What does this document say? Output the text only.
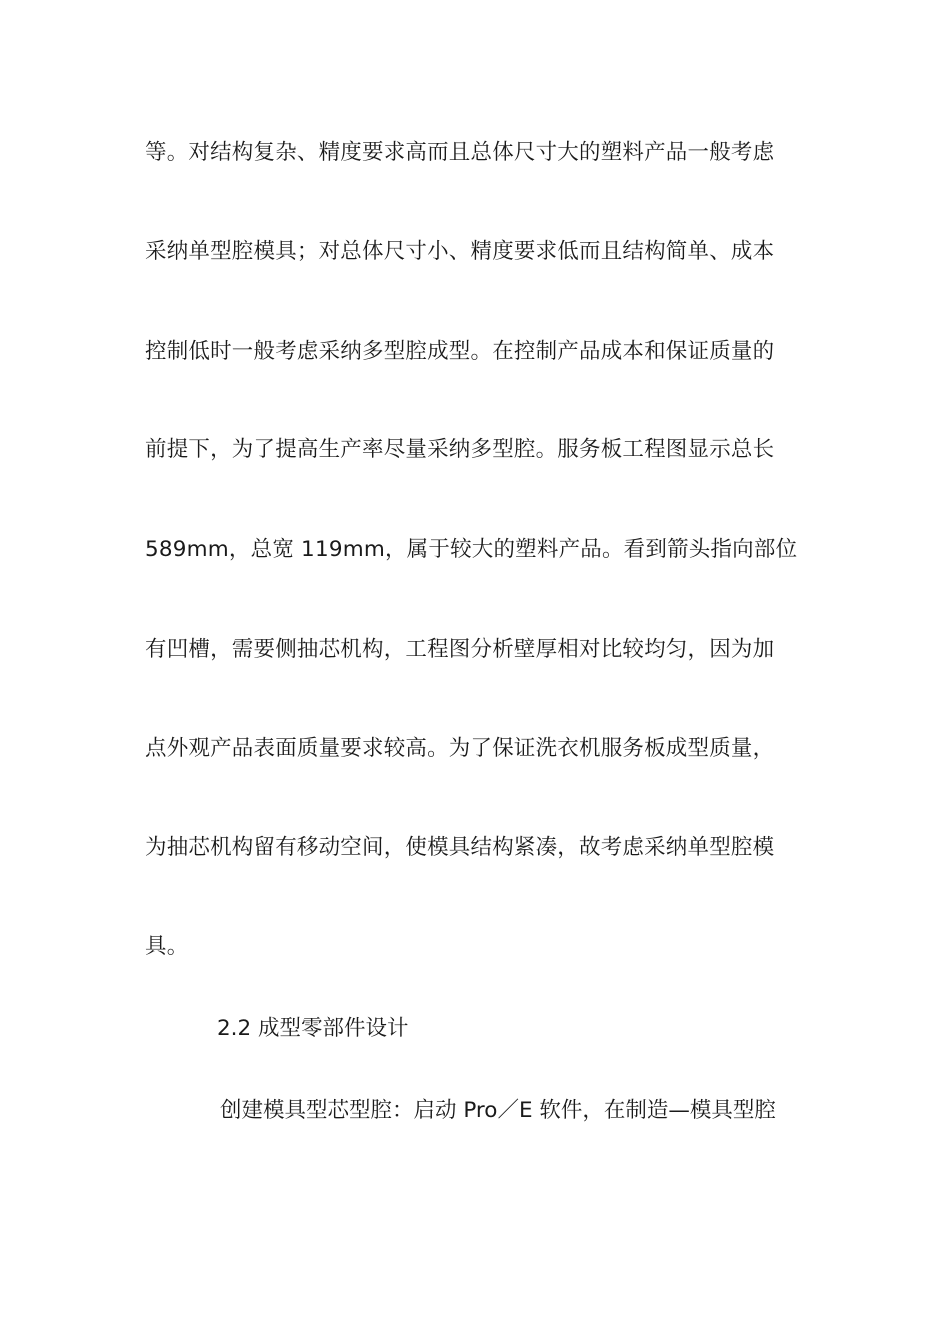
等。对结构复杂、精度要求高而且总体尺寸大的塑料产品一般考虑
采纳单型腔模具；对总体尺寸小、精度要求低而且结构简单、成本
控制低时一般考虑采纳多型腔成型。在控制产品成本和保证质量的
前提下，为了提高生产率尽量采纳多型腔。服务板工程图显示总长
589mm，总宽 119mm，属于较大的塑料产品。看到箭头指向部位
有凹槽，需要侧抽芯机构，工程图分析壁厚相对比较均匀，因为加
点外观产品表面质量要求较高。为了保证洗衣机服务板成型质量，
为抽芯机构留有移动空间，使模具结构紧凑，故考虑采纳单型腔模
具。
2.2 成型零部件设计
创建模具型芯型腔：启动 Pro／E 软件，在制造—模具型腔
